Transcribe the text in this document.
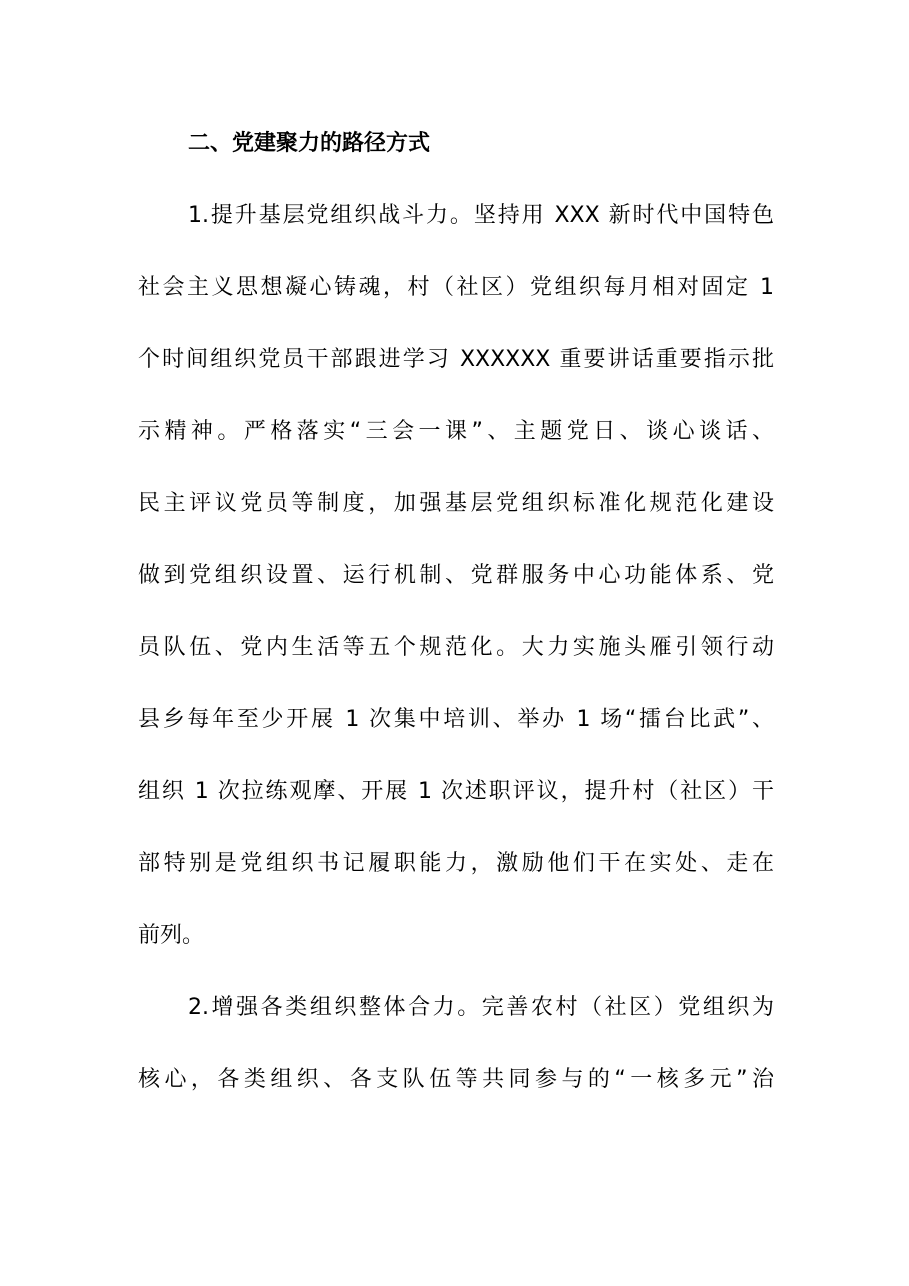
二、党建聚力的路径方式
1.提升基层党组织战斗力。坚持用 XXX 新时代中国特色
社会主义思想凝心铸魂，村（社区）党组织每月相对固定 1
个时间组织党员干部跟进学习 XXXXXX 重要讲话重要指示批
示精神。严格落实“三会一课”、主题党日、谈心谈话、
民主评议党员等制度，加强基层党组织标准化规范化建设
做到党组织设置、运行机制、党群服务中心功能体系、党
员队伍、党内生活等五个规范化。大力实施头雁引领行动
县乡每年至少开展 1 次集中培训、举办 1 场“擂台比武”、
组织 1 次拉练观摩、开展 1 次述职评议，提升村（社区）干
部特别是党组织书记履职能力，激励他们干在实处、走在
前列。
2.增强各类组织整体合力。完善农村（社区）党组织为
核心，各类组织、各支队伍等共同参与的“一核多元”治
